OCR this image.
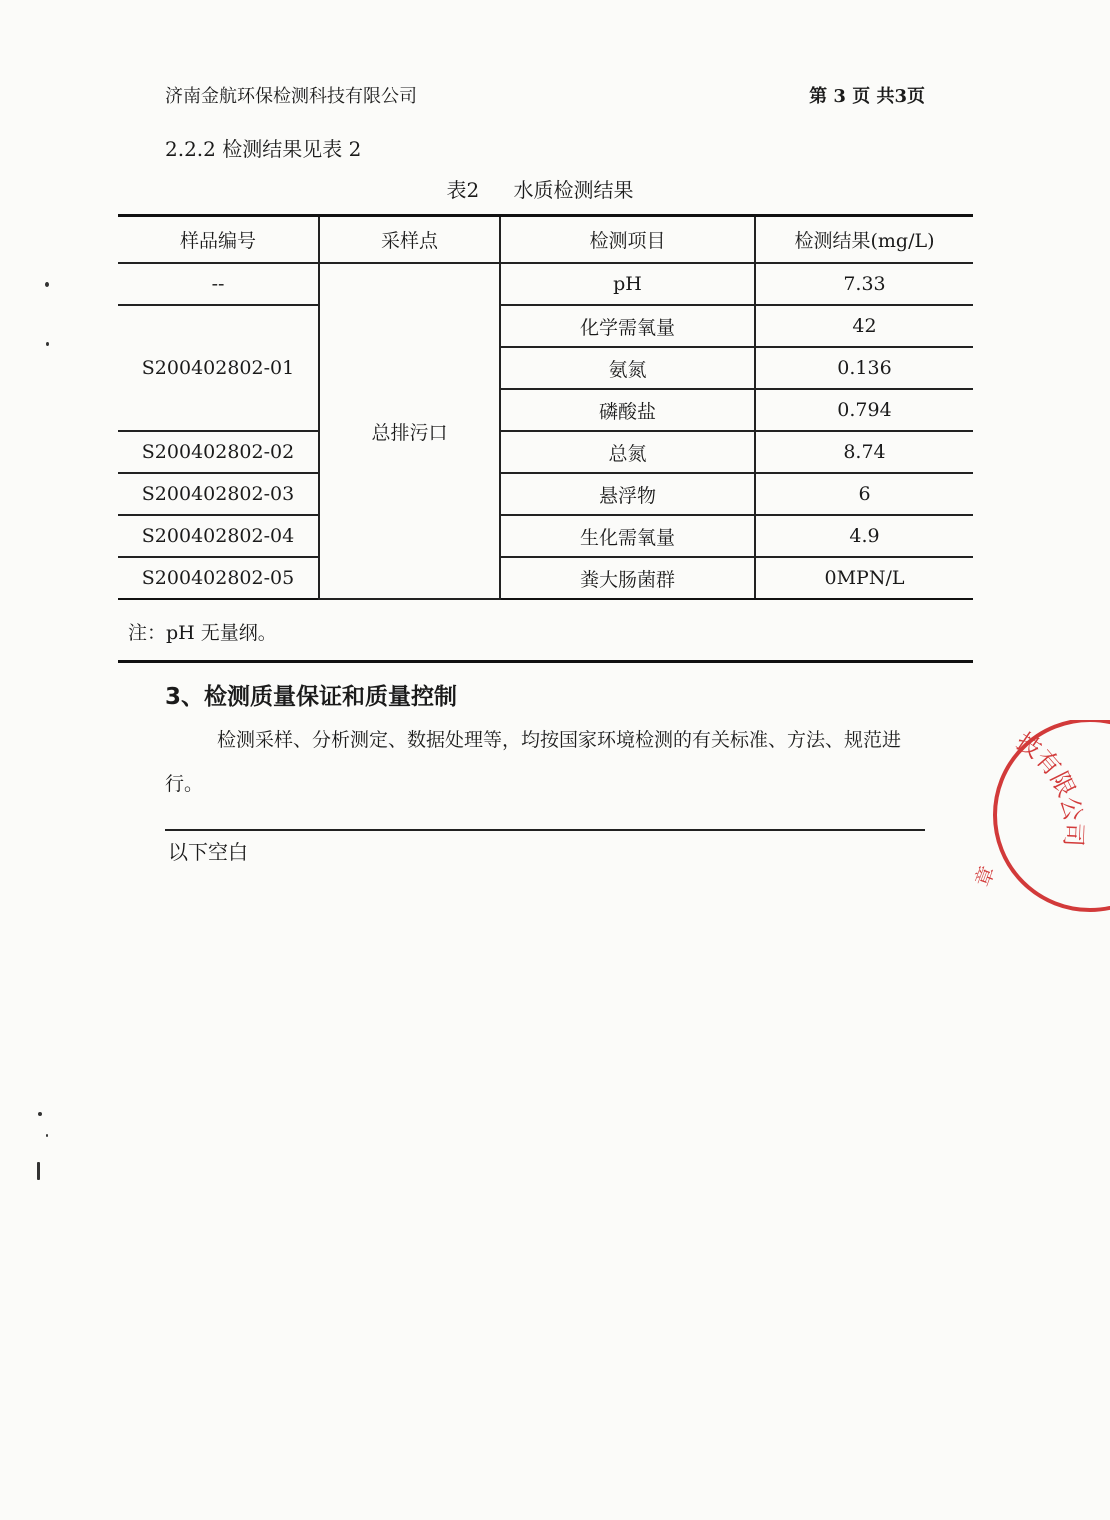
济南金航环保检测科技有限公司	第 3 页 共3页
2.2.2 检测结果见表 2
表2 水质检测结果
样品编号	采样点	检测项目	检测结果(mg/L)
--	总排污口	pH	7.33
S200402802-01		化学需氧量	42
		氨氮	0.136
		磷酸盐	0.794
S200402802-02		总氮	8.74
S200402802-03		悬浮物	6
S200402802-04		生化需氧量	4.9
S200402802-05		粪大肠菌群	0MPN/L
注：pH 无量纲。
3、检测质量保证和质量控制
检测采样、分析测定、数据处理等，均按国家环境检测的有关标准、方法、规范进行。
以下空白
技有限公司
章
